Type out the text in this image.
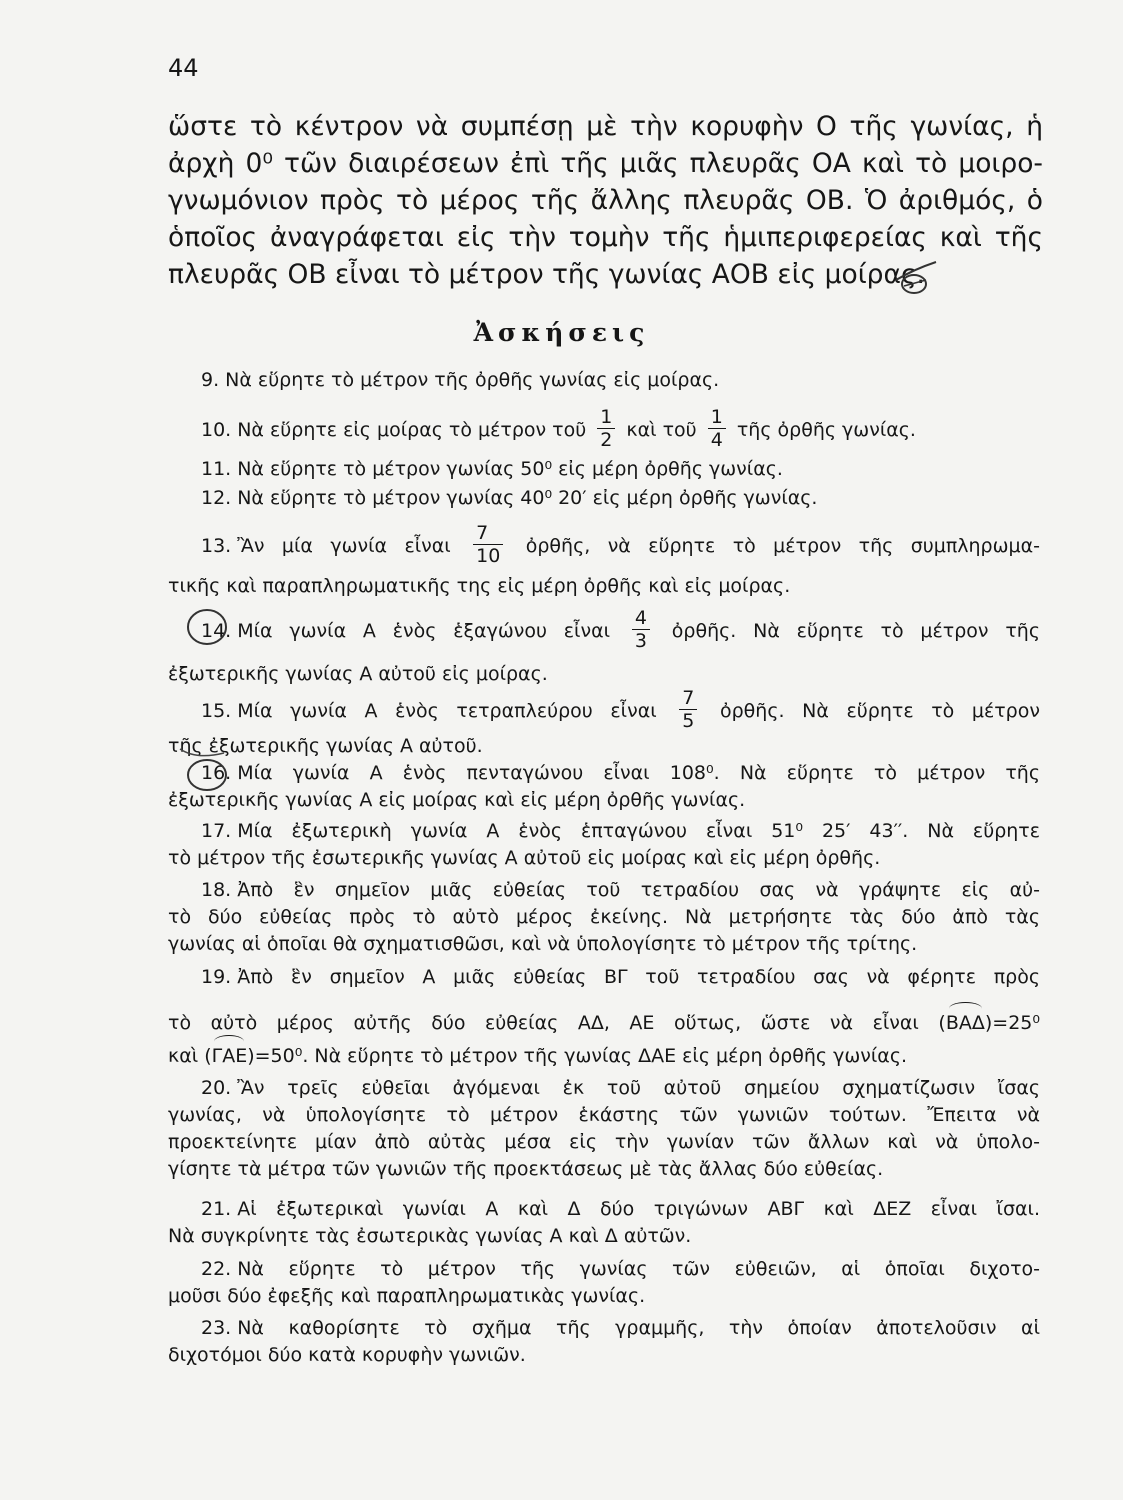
44
ὥστε τὸ κέντρον νὰ συμπέσῃ μὲ τὴν κορυφὴν Ο τῆς γωνίας, ἡ
ἀρχὴ 0⁰ τῶν διαιρέσεων ἐπὶ τῆς μιᾶς πλευρᾶς ΟΑ καὶ τὸ μοιρο-
γνωμόνιον πρὸς τὸ μέρος τῆς ἄλλης πλευρᾶς ΟΒ. Ὁ ἀριθμός, ὁ
ὁποῖος ἀναγράφεται εἰς τὴν τομὴν τῆς ἡμιπεριφερείας καὶ τῆς
πλευρᾶς ΟΒ εἶναι τὸ μέτρον τῆς γωνίας ΑΟΒ εἰς μοίρας.
Ἀσκήσεις
9. Νὰ εὕρητε τὸ μέτρον τῆς ὀρθῆς γωνίας εἰς μοίρας.
10. Νὰ εὕρητε εἰς μοίρας τὸ μέτρον τοῦ $\frac{1}{2}$ καὶ τοῦ $\frac{1}{4}$ τῆς ὀρθῆς γωνίας.
11. Νὰ εὕρητε τὸ μέτρον γωνίας 50⁰ εἰς μέρη ὀρθῆς γωνίας.
12. Νὰ εὕρητε τὸ μέτρον γωνίας 40⁰ 20′ εἰς μέρη ὀρθῆς γωνίας.
13. Ἂν μία γωνία εἶναι $\frac{7}{10}$ ὀρθῆς, νὰ εὕρητε τὸ μέτρον τῆς συμπληρωμα-
τικῆς καὶ παραπληρωματικῆς της εἰς μέρη ὀρθῆς καὶ εἰς μοίρας.
14. Μία γωνία Α ἑνὸς ἑξαγώνου εἶναι $\frac{4}{3}$ ὀρθῆς. Νὰ εὕρητε τὸ μέτρον τῆς
ἐξωτερικῆς γωνίας Α αὐτοῦ εἰς μοίρας.
15. Μία γωνία Α ἑνὸς τετραπλεύρου εἶναι $\frac{7}{5}$ ὀρθῆς. Νὰ εὕρητε τὸ μέτρον
τῆς ἐξωτερικῆς γωνίας Α αὐτοῦ.
16. Μία γωνία Α ἑνὸς πενταγώνου εἶναι 108⁰. Νὰ εὕρητε τὸ μέτρον τῆς
ἐξωτερικῆς γωνίας Α εἰς μοίρας καὶ εἰς μέρη ὀρθῆς γωνίας.
17. Μία ἐξωτερικὴ γωνία Α ἑνὸς ἑπταγώνου εἶναι 51⁰ 25′ 43′′. Νὰ εὕρητε
τὸ μέτρον τῆς ἐσωτερικῆς γωνίας Α αὐτοῦ εἰς μοίρας καὶ εἰς μέρη ὀρθῆς.
18. Ἀπὸ ἓν σημεῖον μιᾶς εὐθείας τοῦ τετραδίου σας νὰ γράψητε εἰς αὐ-
τὸ δύο εὐθείας πρὸς τὸ αὐτὸ μέρος ἐκείνης. Νὰ μετρήσητε τὰς δύο ἀπὸ τὰς
γωνίας αἱ ὁποῖαι θὰ σχηματισθῶσι, καὶ νὰ ὑπολογίσητε τὸ μέτρον τῆς τρίτης.
19. Ἀπὸ ἓν σημεῖον Α μιᾶς εὐθείας ΒΓ τοῦ τετραδίου σας νὰ φέρητε πρὸς
τὸ αὐτὸ μέρος αὐτῆς δύο εὐθείας ΑΔ, ΑΕ οὕτως, ὥστε νὰ εἶναι (ΒΑΔ)=25⁰
καὶ (ΓΑΕ)=50⁰. Νὰ εὕρητε τὸ μέτρον τῆς γωνίας ΔΑΕ εἰς μέρη ὀρθῆς γωνίας.
20. Ἂν τρεῖς εὐθεῖαι ἀγόμεναι ἐκ τοῦ αὐτοῦ σημείου σχηματίζωσιν ἴσας
γωνίας, νὰ ὑπολογίσητε τὸ μέτρον ἑκάστης τῶν γωνιῶν τούτων. Ἔπειτα νὰ
προεκτείνητε μίαν ἀπὸ αὐτὰς μέσα εἰς τὴν γωνίαν τῶν ἄλλων καὶ νὰ ὑπολο-
γίσητε τὰ μέτρα τῶν γωνιῶν τῆς προεκτάσεως μὲ τὰς ἄλλας δύο εὐθείας.
21. Αἱ ἐξωτερικαὶ γωνίαι Α καὶ Δ δύο τριγώνων ΑΒΓ καὶ ΔΕΖ εἶναι ἴσαι.
Νὰ συγκρίνητε τὰς ἐσωτερικὰς γωνίας Α καὶ Δ αὐτῶν.
22. Νὰ εὕρητε τὸ μέτρον τῆς γωνίας τῶν εὐθειῶν, αἱ ὁποῖαι διχοτο-
μοῦσι δύο ἐφεξῆς καὶ παραπληρωματικὰς γωνίας.
23. Νὰ καθορίσητε τὸ σχῆμα τῆς γραμμῆς, τὴν ὁποίαν ἀποτελοῦσιν αἱ
διχοτόμοι δύο κατὰ κορυφὴν γωνιῶν.
